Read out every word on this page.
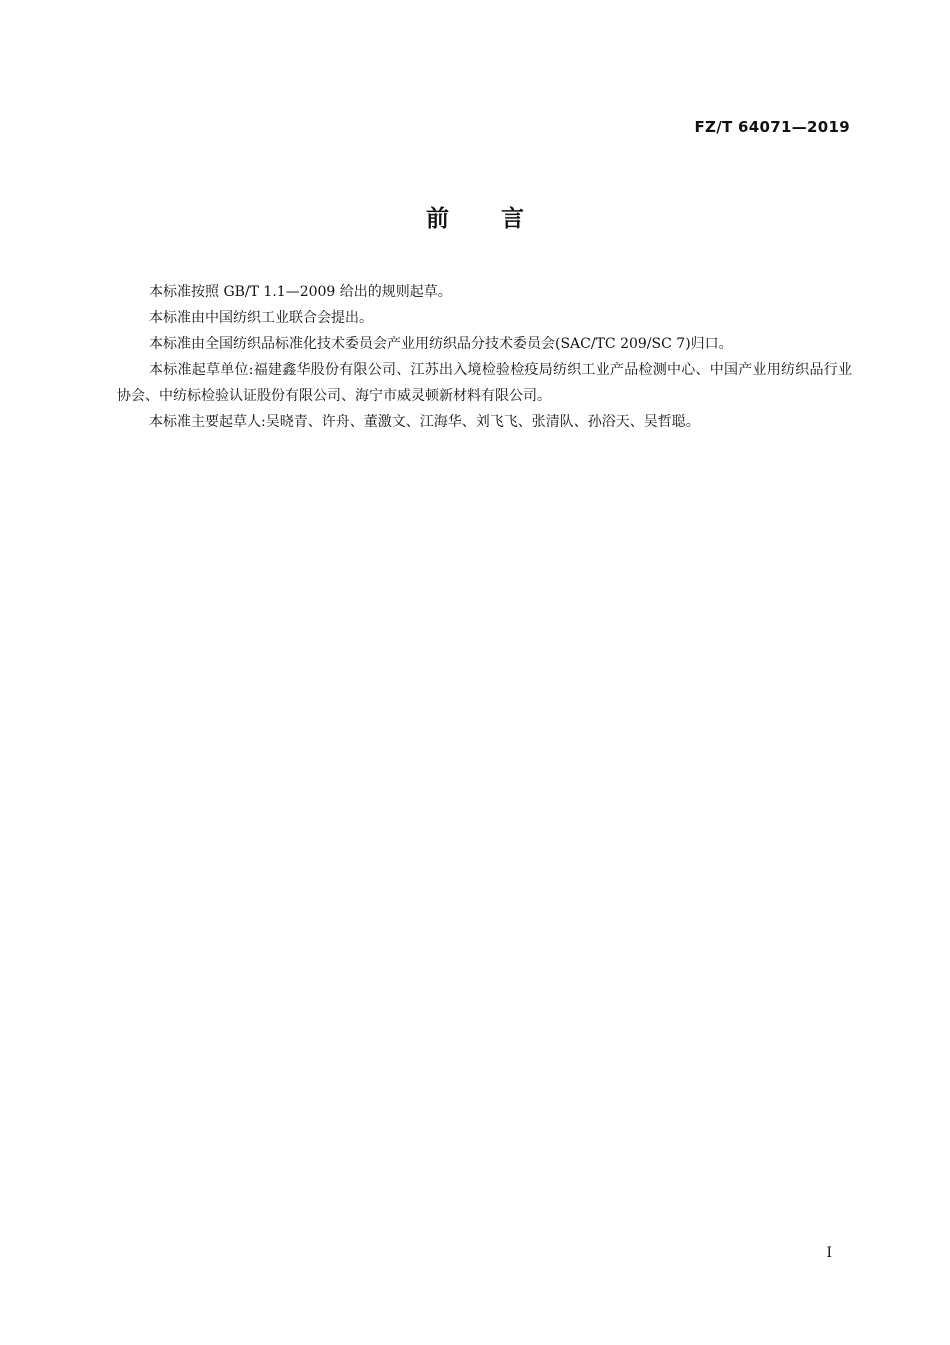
FZ/T 64071—2019
前言

本标准按照 GB/T 1.1—2009 给出的规则起草。

本标准由中国纺织工业联合会提出。

本标准由全国纺织品标准化技术委员会产业用纺织品分技术委员会(SAC/TC 209/SC 7)归口。

本标准起草单位:福建鑫华股份有限公司、江苏出入境检验检疫局纺织工业产品检测中心、中国产业用纺织品行业协会、中纺标检验认证股份有限公司、海宁市威灵顿新材料有限公司。

本标准主要起草人:吴晓青、许舟、董激文、江海华、刘飞飞、张清队、孙浴天、吴哲聪。

I
